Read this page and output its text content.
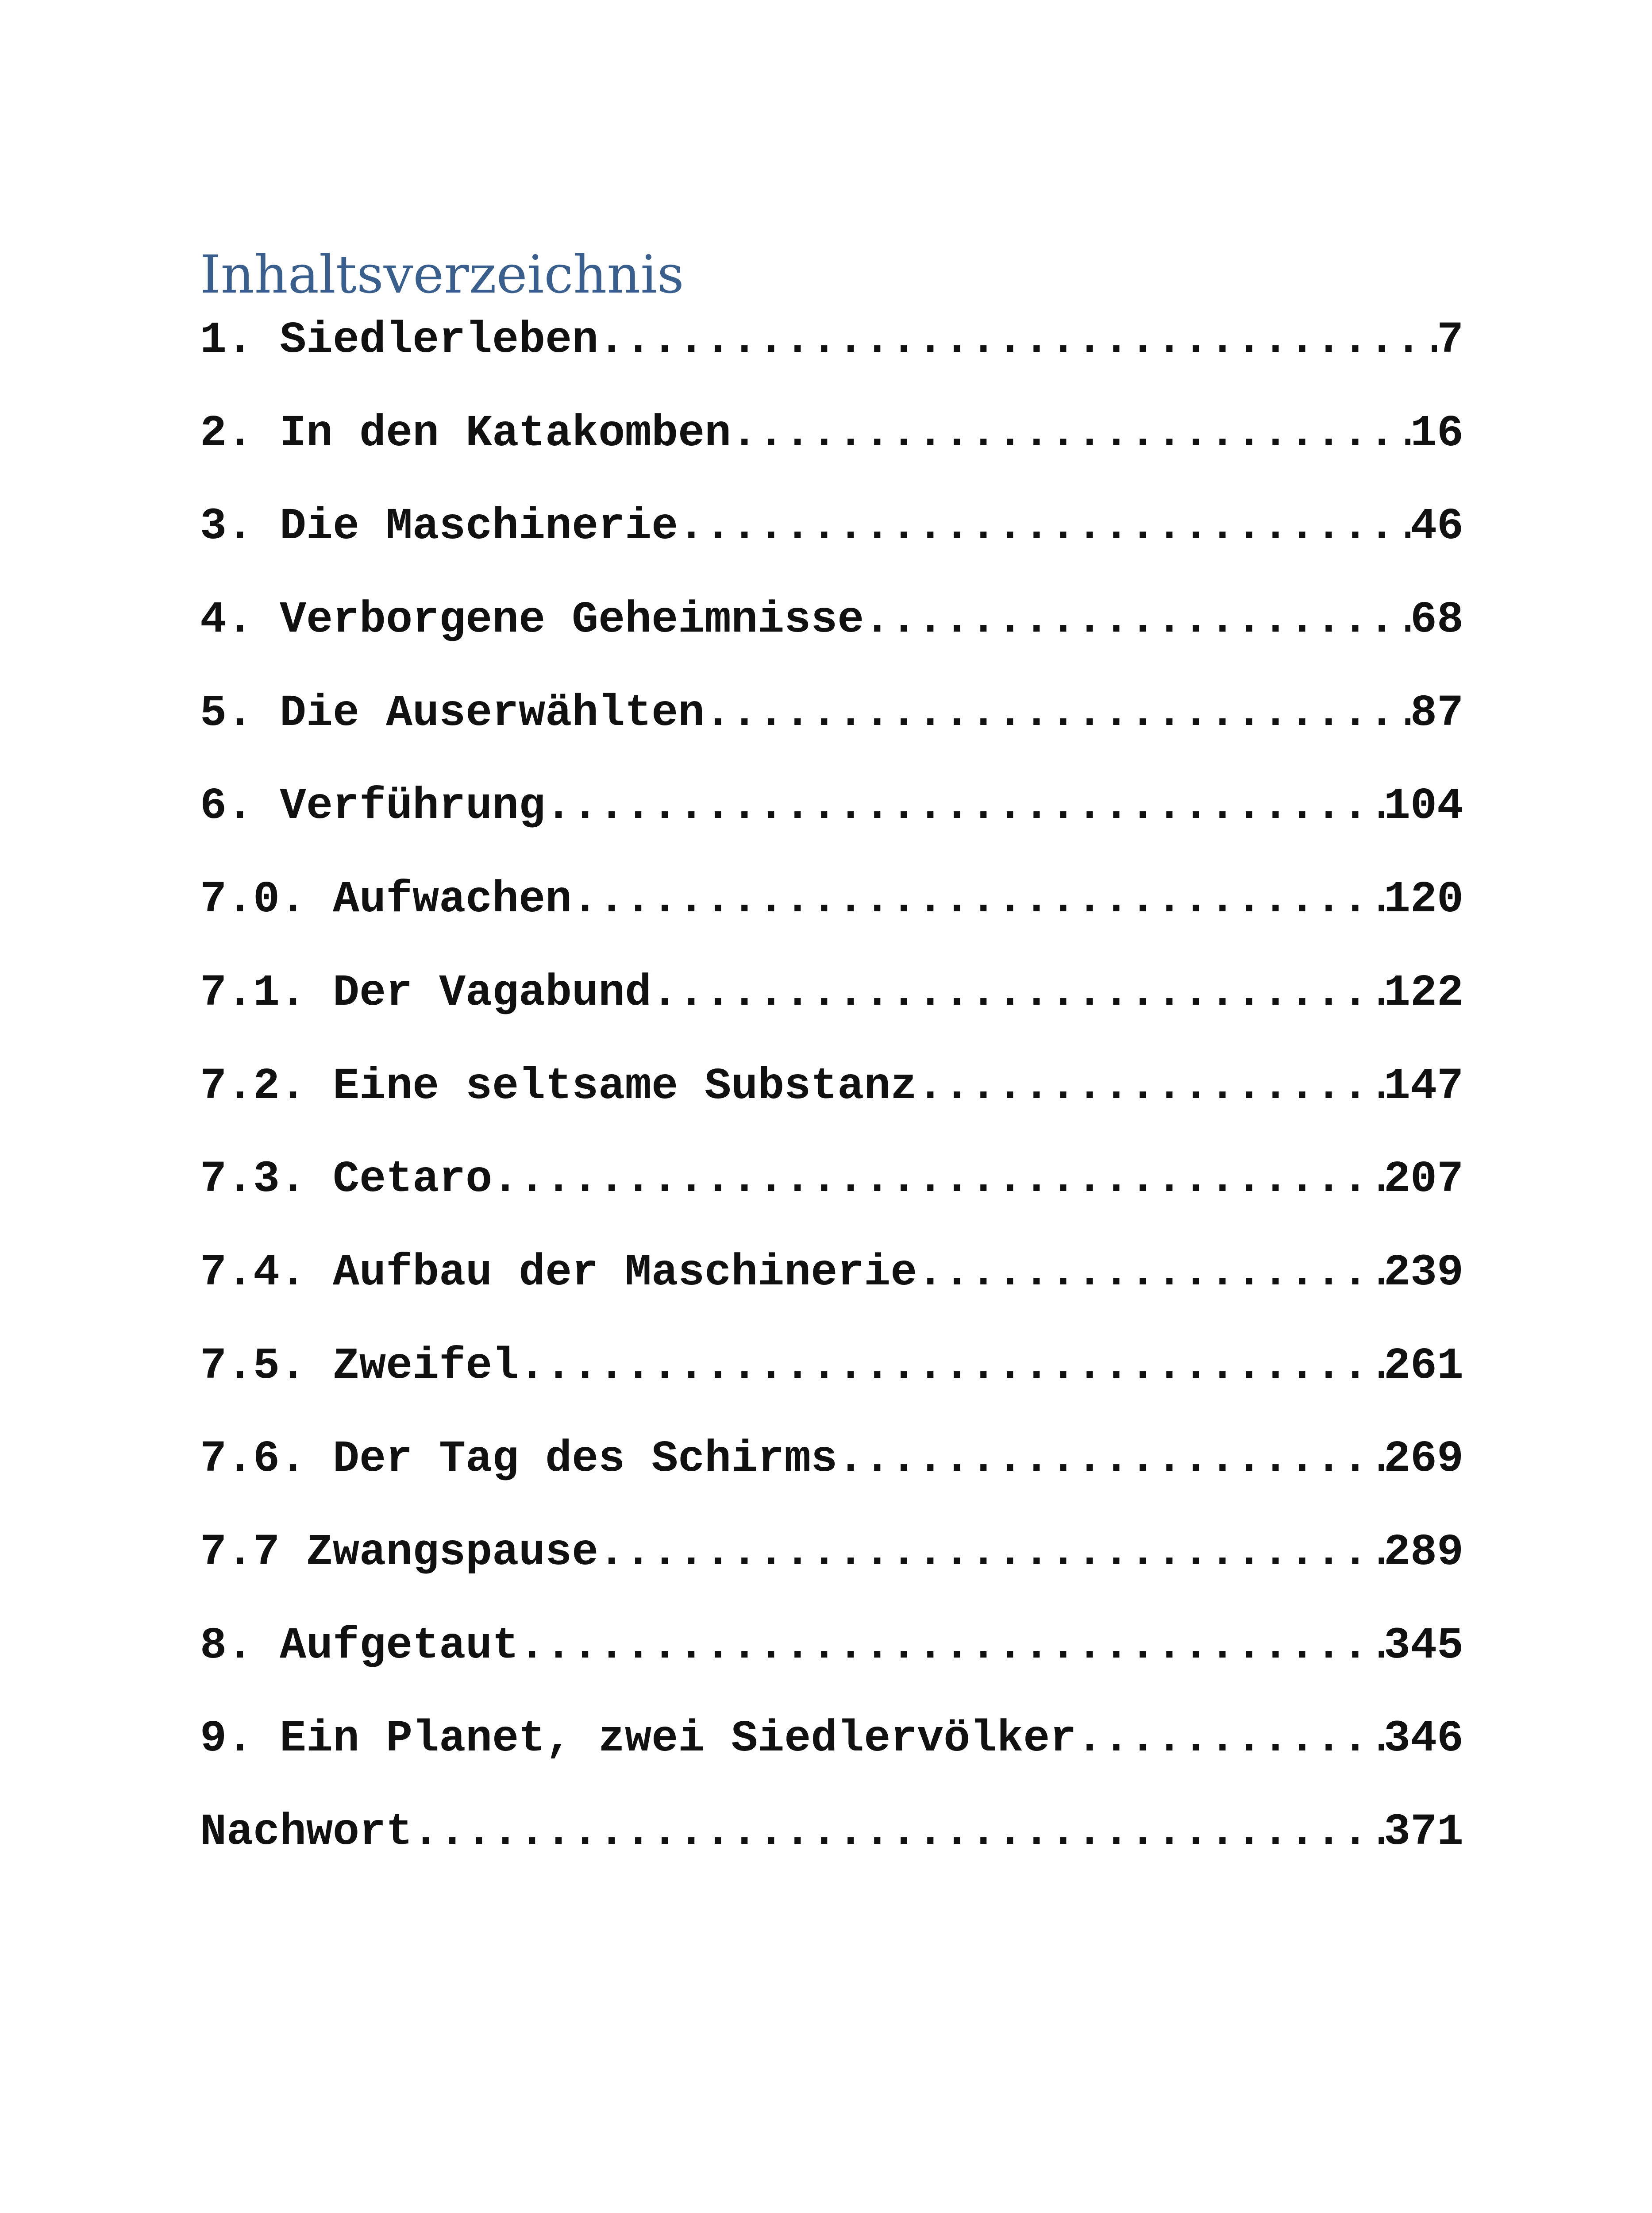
Inhaltsverzeichnis
1. Siedlerleben .....	7
2. In den Katakomben .....	16
3. Die Maschinerie .....	46
4. Verborgene Geheimnisse .....	68
5. Die Auserwählten .....	87
6. Verführung .....	104
7.0. Aufwachen .....	120
7.1. Der Vagabund .....	122
7.2. Eine seltsame Substanz .....	147
7.3. Cetaro .....	207
7.4. Aufbau der Maschinerie .....	239
7.5. Zweifel .....	261
7.6. Der Tag des Schirms .....	269
7.7 Zwangspause .....	289
8. Aufgetaut .....	345
9. Ein Planet, zwei Siedlervölker .....	346
Nachwort .....	371
